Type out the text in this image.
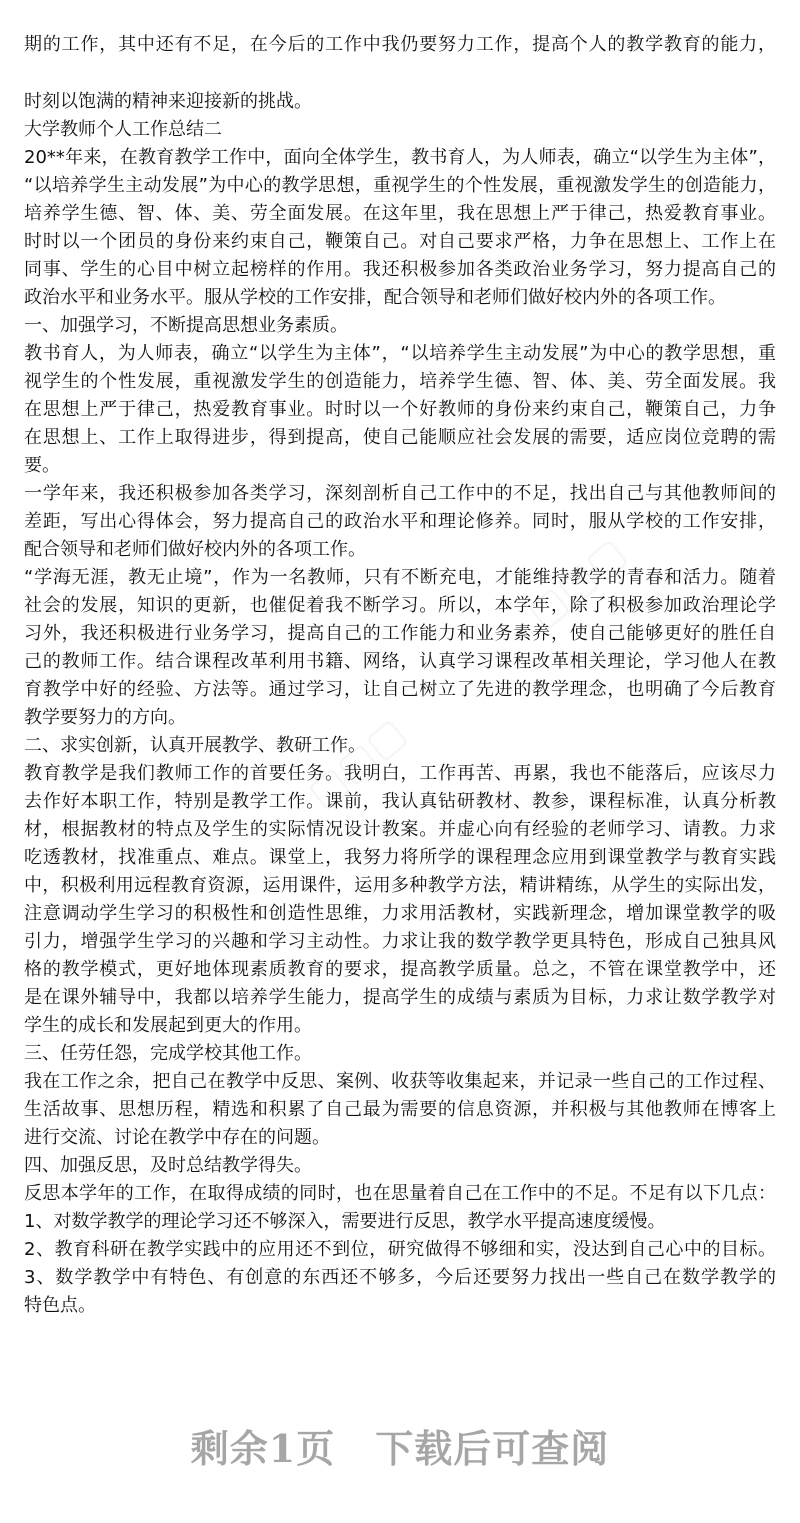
期的工作，其中还有不足，在今后的工作中我仍要努力工作，提高个人的教学教育的能力，
时刻以饱满的精神来迎接新的挑战。
大学教师个人工作总结二
20**年来，在教育教学工作中，面向全体学生，教书育人，为人师表，确立“以学生为主体”，
“以培养学生主动发展”为中心的教学思想，重视学生的个性发展，重视激发学生的创造能力，
培养学生德、智、体、美、劳全面发展。在这年里，我在思想上严于律己，热爱教育事业。
时时以一个团员的身份来约束自己，鞭策自己。对自己要求严格，力争在思想上、工作上在
同事、学生的心目中树立起榜样的作用。我还积极参加各类政治业务学习，努力提高自己的
政治水平和业务水平。服从学校的工作安排，配合领导和老师们做好校内外的各项工作。
一、加强学习，不断提高思想业务素质。
教书育人，为人师表，确立“以学生为主体”，“以培养学生主动发展”为中心的教学思想，重
视学生的个性发展，重视激发学生的创造能力，培养学生德、智、体、美、劳全面发展。我
在思想上严于律己，热爱教育事业。时时以一个好教师的身份来约束自己，鞭策自己，力争
在思想上、工作上取得进步，得到提高，使自己能顺应社会发展的需要，适应岗位竞聘的需
要。
一学年来，我还积极参加各类学习，深刻剖析自己工作中的不足，找出自己与其他教师间的
差距，写出心得体会，努力提高自己的政治水平和理论修养。同时，服从学校的工作安排，
配合领导和老师们做好校内外的各项工作。
“学海无涯，教无止境”，作为一名教师，只有不断充电，才能维持教学的青春和活力。随着
社会的发展，知识的更新，也催促着我不断学习。所以，本学年，除了积极参加政治理论学
习外，我还积极进行业务学习，提高自己的工作能力和业务素养，使自己能够更好的胜任自
己的教师工作。结合课程改革利用书籍、网络，认真学习课程改革相关理论，学习他人在教
育教学中好的经验、方法等。通过学习，让自己树立了先进的教学理念，也明确了今后教育
教学要努力的方向。
二、求实创新，认真开展教学、教研工作。
教育教学是我们教师工作的首要任务。我明白，工作再苦、再累，我也不能落后，应该尽力
去作好本职工作，特别是教学工作。课前，我认真钻研教材、教参，课程标准，认真分析教
材，根据教材的特点及学生的实际情况设计教案。并虚心向有经验的老师学习、请教。力求
吃透教材，找准重点、难点。课堂上，我努力将所学的课程理念应用到课堂教学与教育实践
中，积极利用远程教育资源，运用课件，运用多种教学方法，精讲精练，从学生的实际出发，
注意调动学生学习的积极性和创造性思维，力求用活教材，实践新理念，增加课堂教学的吸
引力，增强学生学习的兴趣和学习主动性。力求让我的数学教学更具特色，形成自己独具风
格的教学模式，更好地体现素质教育的要求，提高教学质量。总之，不管在课堂教学中，还
是在课外辅导中，我都以培养学生能力，提高学生的成绩与素质为目标，力求让数学教学对
学生的成长和发展起到更大的作用。
三、任劳任怨，完成学校其他工作。
我在工作之余，把自己在教学中反思、案例、收获等收集起来，并记录一些自己的工作过程、
生活故事、思想历程，精选和积累了自己最为需要的信息资源，并积极与其他教师在博客上
进行交流、讨论在教学中存在的问题。
四、加强反思，及时总结教学得失。
反思本学年的工作，在取得成绩的同时，也在思量着自己在工作中的不足。不足有以下几点：
1、对数学教学的理论学习还不够深入，需要进行反思，教学水平提高速度缓慢。
2、教育科研在教学实践中的应用还不到位，研究做得不够细和实，没达到自己心中的目标。
3、数学教学中有特色、有创意的东西还不够多，今后还要努力找出一些自己在数学教学的
特色点。
剩余1页 下载后可查阅
